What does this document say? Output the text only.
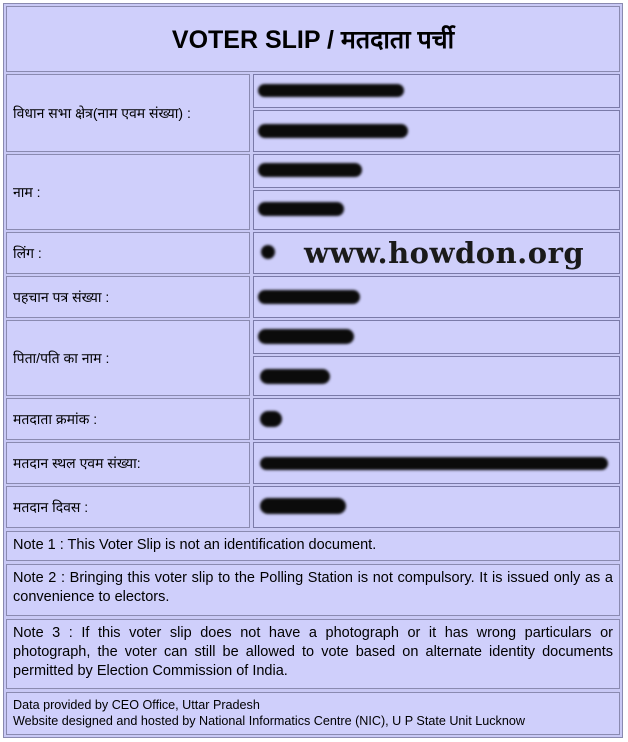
VOTER SLIP / मतदाता पर्ची
विधान सभा क्षेत्र(नाम एवम संख्या) :
नाम :
लिंग :	www.howdon.org
पहचान पत्र संख्या :
पिता/पति का नाम :
मतदाता क्रमांक :
मतदान स्थल एवम संख्या:
मतदान दिवस :
Note 1 : This Voter Slip is not an identification document.
Note 2 : Bringing this voter slip to the Polling Station is not compulsory. It is issued only as a convenience to electors.
Note 3 : If this voter slip does not have a photograph or it has wrong particulars or photograph, the voter can still be allowed to vote based on alternate identity documents permitted by Election Commission of India.
Data provided by CEO Office, Uttar Pradesh
Website designed and hosted by National Informatics Centre (NIC), U P State Unit Lucknow
